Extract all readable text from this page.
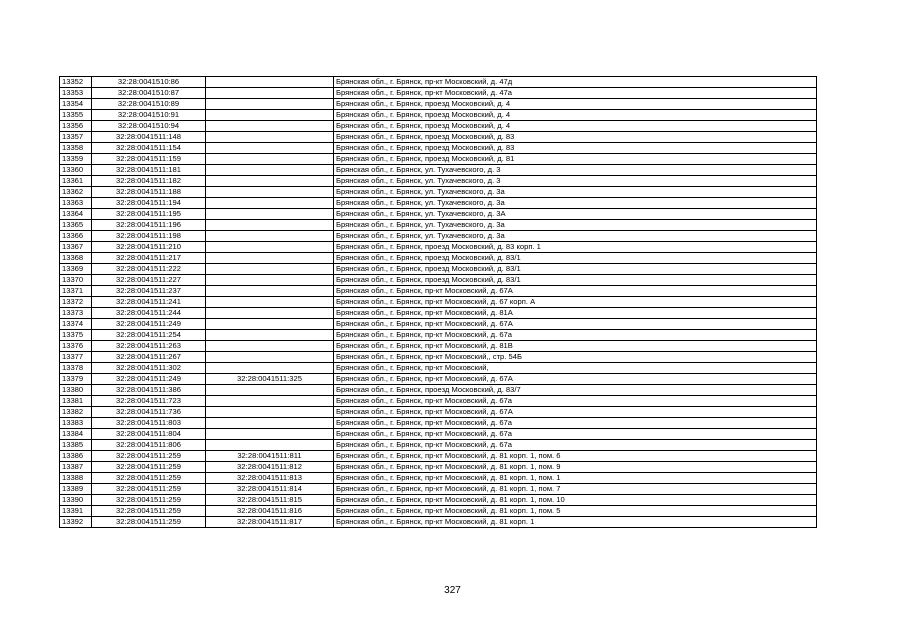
13352	32:28:0041510:86		Брянская обл., г. Брянск, пр-кт Московский, д. 47д
13353	32:28:0041510:87		Брянская обл., г. Брянск, пр-кт Московский, д. 47а
13354	32:28:0041510:89		Брянская обл., г. Брянск, проезд Московский, д. 4
13355	32:28:0041510:91		Брянская обл., г. Брянск, проезд Московский, д. 4
13356	32:28:0041510:94		Брянская обл., г. Брянск, проезд Московский, д. 4
13357	32:28:0041511:148		Брянская обл., г. Брянск, проезд Московский, д. 83
13358	32:28:0041511:154		Брянская обл., г. Брянск, проезд Московский, д. 83
13359	32:28:0041511:159		Брянская обл., г. Брянск, проезд Московский, д. 81
13360	32:28:0041511:181		Брянская обл., г. Брянск, ул. Тухачевского, д. 3
13361	32:28:0041511:182		Брянская обл., г. Брянск, ул. Тухачевского, д. 3
13362	32:28:0041511:188		Брянская обл., г. Брянск, ул. Тухачевского, д. 3а
13363	32:28:0041511:194		Брянская обл., г. Брянск, ул. Тухачевского, д. 3а
13364	32:28:0041511:195		Брянская обл., г. Брянск, ул. Тухачевского, д. 3А
13365	32:28:0041511:196		Брянская обл., г. Брянск, ул. Тухачевского, д. 3а
13366	32:28:0041511:198		Брянская обл., г. Брянск, ул. Тухачевского, д. 3а
13367	32:28:0041511:210		Брянская обл., г. Брянск, проезд Московский, д. 83 корп. 1
13368	32:28:0041511:217		Брянская обл., г. Брянск, проезд Московский, д. 83/1
13369	32:28:0041511:222		Брянская обл., г. Брянск, проезд Московский, д. 83/1
13370	32:28:0041511:227		Брянская обл., г. Брянск, проезд Московский, д. 83/1
13371	32:28:0041511:237		Брянская обл., г. Брянск, пр-кт Московский, д. 67А
13372	32:28:0041511:241		Брянская обл., г. Брянск, пр-кт Московский, д. 67 корп. А
13373	32:28:0041511:244		Брянская обл., г. Брянск, пр-кт Московский, д. 81А
13374	32:28:0041511:249		Брянская обл., г. Брянск, пр-кт Московский, д. 67А
13375	32:28:0041511:254		Брянская обл., г. Брянск, пр-кт Московский, д. 67а
13376	32:28:0041511:263		Брянская обл., г. Брянск, пр-кт Московский, д. 81В
13377	32:28:0041511:267		Брянская обл., г. Брянск, пр-кт Московский,, стр. 54Б
13378	32:28:0041511:302		Брянская обл., г. Брянск, пр-кт Московский,
13379	32:28:0041511:249	32:28:0041511:325	Брянская обл., г. Брянск, пр-кт Московский, д. 67А
13380	32:28:0041511:386		Брянская обл., г. Брянск, проезд Московский, д. 83/7
13381	32:28:0041511:723		Брянская обл., г. Брянск, пр-кт Московский, д. 67а
13382	32:28:0041511:736		Брянская обл., г. Брянск, пр-кт Московский, д. 67А
13383	32:28:0041511:803		Брянская обл., г. Брянск, пр-кт Московский, д. 67а
13384	32:28:0041511:804		Брянская обл., г. Брянск, пр-кт Московский, д. 67а
13385	32:28:0041511:806		Брянская обл., г. Брянск, пр-кт Московский, д. 67а
13386	32:28:0041511:259	32:28:0041511:811	Брянская обл., г. Брянск, пр-кт Московский, д. 81 корп. 1, пом. 6
13387	32:28:0041511:259	32:28:0041511:812	Брянская обл., г. Брянск, пр-кт Московский, д. 81 корп. 1, пом. 9
13388	32:28:0041511:259	32:28:0041511:813	Брянская обл., г. Брянск, пр-кт Московский, д. 81 корп. 1, пом. 1
13389	32:28:0041511:259	32:28:0041511:814	Брянская обл., г. Брянск, пр-кт Московский, д. 81 корп. 1, пом. 7
13390	32:28:0041511:259	32:28:0041511:815	Брянская обл., г. Брянск, пр-кт Московский, д. 81 корп. 1, пом. 10
13391	32:28:0041511:259	32:28:0041511:816	Брянская обл., г. Брянск, пр-кт Московский, д. 81 корп. 1, пом. 5
13392	32:28:0041511:259	32:28:0041511:817	Брянская обл., г. Брянск, пр-кт Московский, д. 81 корп. 1
327
